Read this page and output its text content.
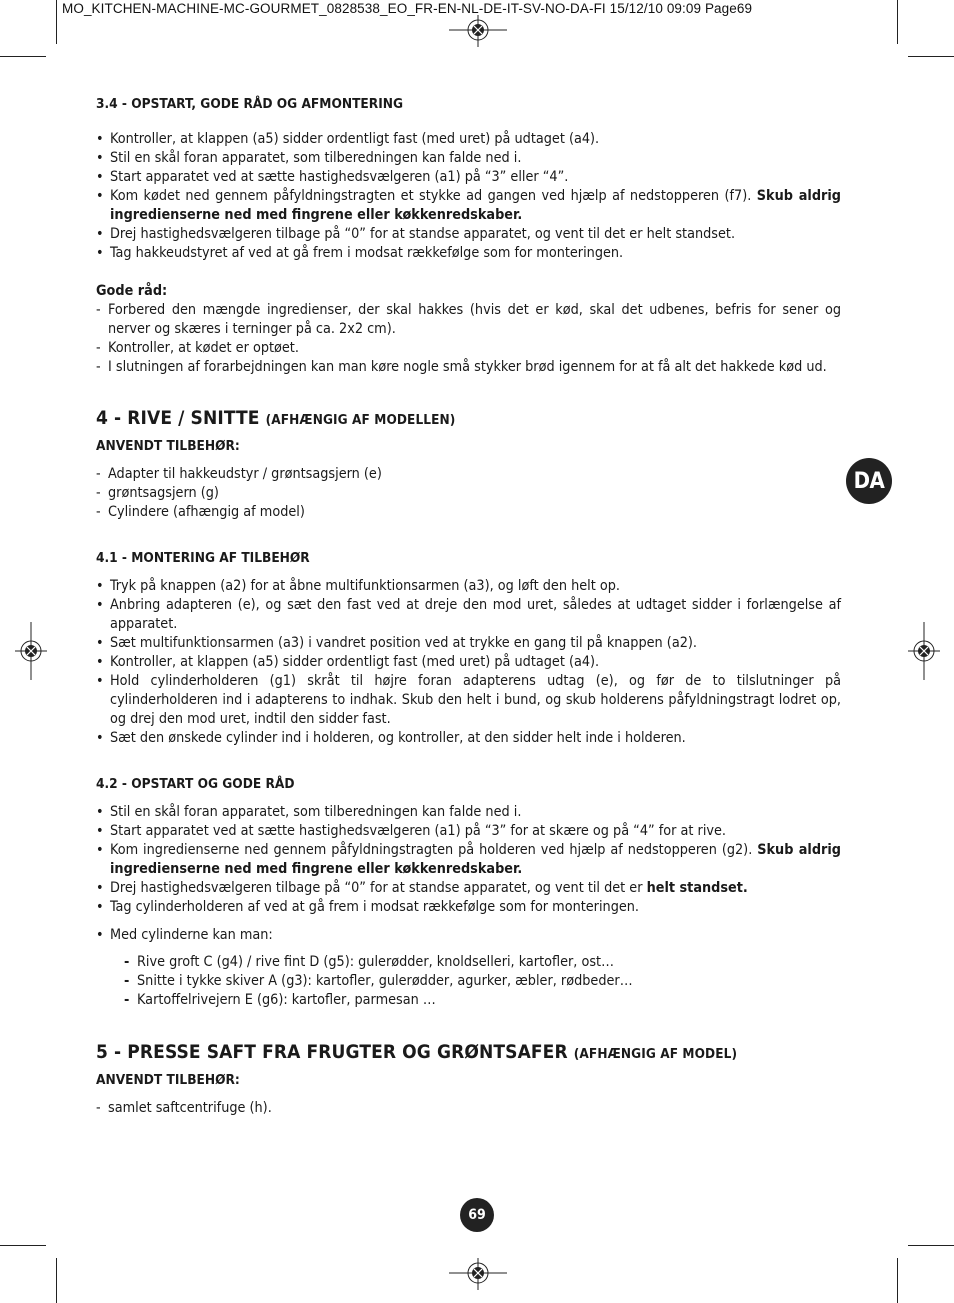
MO_KITCHEN-MACHINE-MC-GOURMET_0828538_EO_FR-EN-NL-DE-IT-SV-NO-DA-FI 15/12/10 09:09 Page69
DA

3.4 - OPSTART, GODE RÅD OG AFMONTERING

• Kontroller, at klappen (a5) sidder ordentligt fast (med uret) på udtaget (a4).
• Stil en skål foran apparatet, som tilberedningen kan falde ned i.
• Start apparatet ved at sætte hastighedsvælgeren (a1) på “3” eller “4”.
• Kom kødet ned gennem påfyldningstragten et stykke ad gangen ved hjælp af nedstopperen (f7). Skub aldrig ingredienserne ned med fingrene eller køkkenredskaber.
• Drej hastighedsvælgeren tilbage på “0” for at standse apparatet, og vent til det er helt standset.
• Tag hakkeudstyret af ved at gå frem i modsat rækkefølge som for monteringen.

Gode råd:

- Forbered den mængde ingredienser, der skal hakkes (hvis det er kød, skal det udbenes, befris for sener og nerver og skæres i terninger på ca. 2x2 cm).
- Kontroller, at kødet er optøet.
- I slutningen af forarbejdningen kan man køre nogle små stykker brød igennem for at få alt det hakkede kød ud.

4 - RIVE / SNITTE (AFHÆNGIG AF MODELLEN)

ANVENDT TILBEHØR:

- Adapter til hakkeudstyr / grøntsagsjern (e)
- grøntsagsjern (g)
- Cylindere (afhængig af model)

4.1 - MONTERING AF TILBEHØR

• Tryk på knappen (a2) for at åbne multifunktionsarmen (a3), og løft den helt op.
• Anbring adapteren (e), og sæt den fast ved at dreje den mod uret, således at udtaget sidder i forlængelse af apparatet.
• Sæt multifunktionsarmen (a3) i vandret position ved at trykke en gang til på knappen (a2).
• Kontroller, at klappen (a5) sidder ordentligt fast (med uret) på udtaget (a4).
• Hold cylinderholderen (g1) skråt til højre foran adapterens udtag (e), og før de to tilslutninger på cylinderholderen ind i adapterens to indhak. Skub den helt i bund, og skub holderens påfyldningstragt lodret op, og drej den mod uret, indtil den sidder fast.
• Sæt den ønskede cylinder ind i holderen, og kontroller, at den sidder helt inde i holderen.

4.2 - OPSTART OG GODE RÅD

• Stil en skål foran apparatet, som tilberedningen kan falde ned i.
• Start apparatet ved at sætte hastighedsvælgeren (a1) på “3” for at skære og på “4” for at rive.
• Kom ingredienserne ned gennem påfyldningstragten på holderen ved hjælp af nedstopperen (g2). Skub aldrig ingredienserne ned med fingrene eller køkkenredskaber.
• Drej hastighedsvælgeren tilbage på “0” for at standse apparatet, og vent til det er helt standset.
• Tag cylinderholderen af ved at gå frem i modsat rækkefølge som for monteringen.
• Med cylinderne kan man:
- Rive groft C (g4) / rive fint D (g5): gulerødder, knoldselleri, kartofler, ost…
- Snitte i tykke skiver A (g3): kartofler, gulerødder, agurker, æbler, rødbeder…
- Kartoffelrivejern E (g6): kartofler, parmesan …

5 - PRESSE SAFT FRA FRUGTER OG GRØNTSAFER (AFHÆNGIG AF MODEL)

ANVENDT TILBEHØR:

- samlet saftcentrifuge (h).
69
